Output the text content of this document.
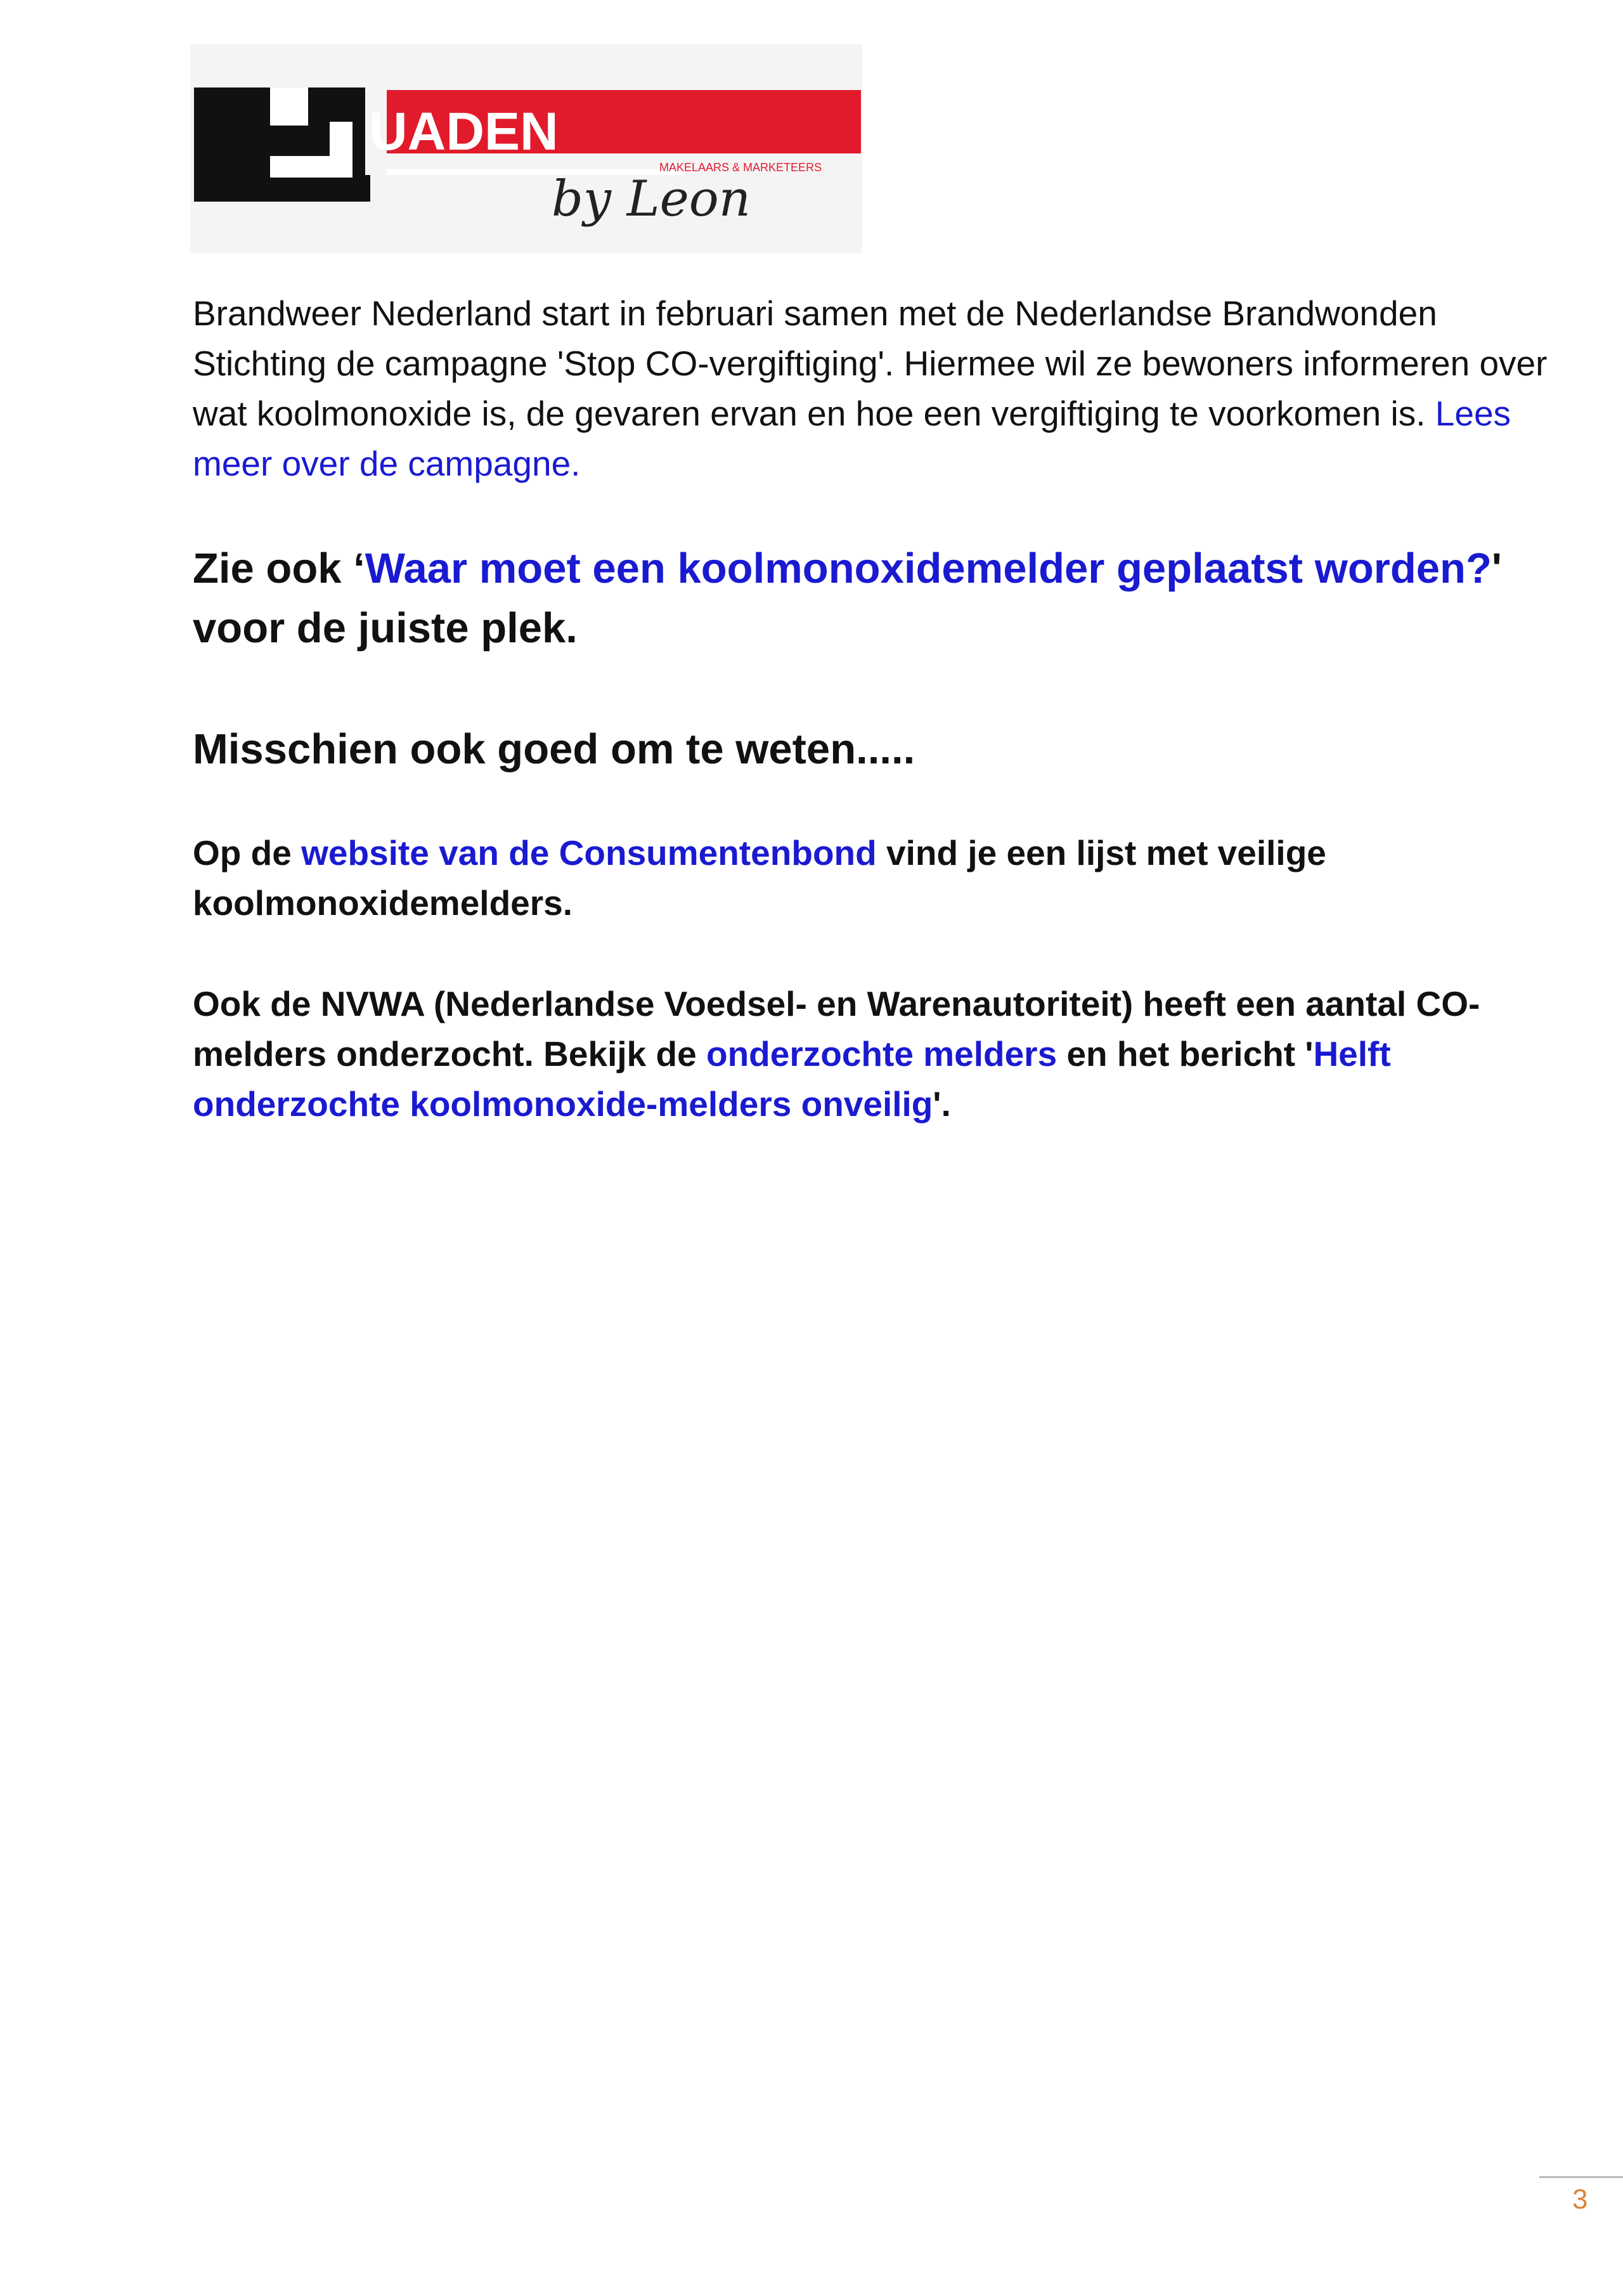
UADEN
MAKELAARS & MARKETEERS
by Leon

Brandweer Nederland start in februari samen met de Nederlandse Brandwonden Stichting de campagne 'Stop CO-vergiftiging'. Hiermee wil ze bewoners informeren over wat koolmonoxide is, de gevaren ervan en hoe een vergiftiging te voorkomen is. Lees meer over de campagne.

Zie ook ‘Waar moet een koolmonoxidemelder geplaatst worden?' voor de juiste plek.

Misschien ook goed om te weten.....

Op de website van de Consumentenbond vind je een lijst met veilige koolmonoxidemelders.

Ook de NVWA (Nederlandse Voedsel- en Warenautoriteit) heeft een aantal CO-melders onderzocht. Bekijk de onderzochte melders en het bericht 'Helft onderzochte koolmonoxide-melders onveilig'.

3
